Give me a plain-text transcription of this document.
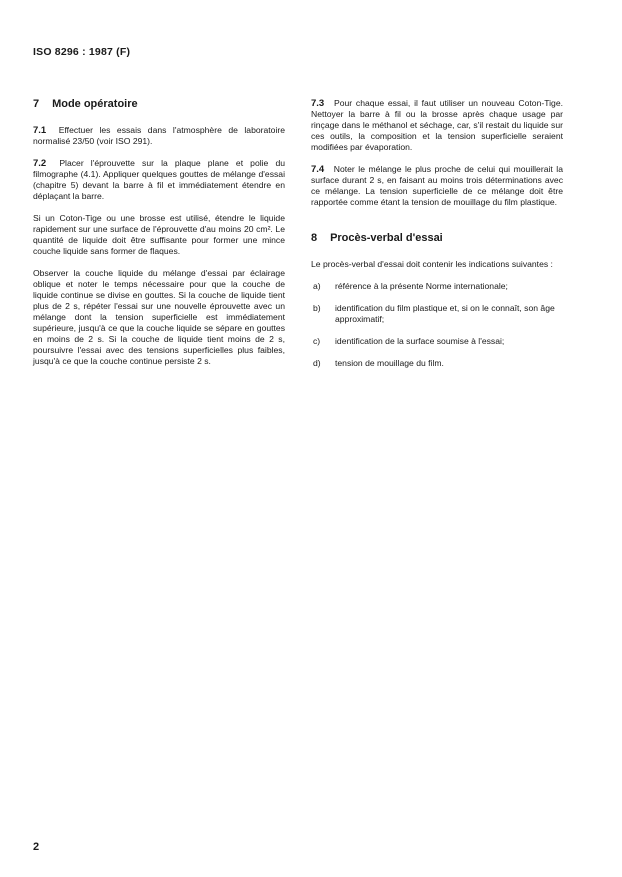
ISO 8296 : 1987 (F)
7 Mode opératoire
7.1 Effectuer les essais dans l'atmosphère de laboratoire normalisé 23/50 (voir ISO 291).
7.2 Placer l'éprouvette sur la plaque plane et polie du filmographe (4.1). Appliquer quelques gouttes de mélange d'essai (chapitre 5) devant la barre à fil et immédiatement étendre en déplaçant la barre.
Si un Coton-Tige ou une brosse est utilisé, étendre le liquide rapidement sur une surface de l'éprouvette d'au moins 20 cm². Le quantité de liquide doit être suffisante pour former une mince couche liquide sans former de flaques.
Observer la couche liquide du mélange d'essai par éclairage oblique et noter le temps nécessaire pour que la couche de liquide continue se divise en gouttes. Si la couche de liquide tient plus de 2 s, répéter l'essai sur une nouvelle éprouvette avec un mélange dont la tension superficielle est immédiatement supérieure, jusqu'à ce que la couche liquide se sépare en gouttes en moins de 2 s. Si la couche de liquide tient moins de 2 s, poursuivre l'essai avec des tensions superficielles plus faibles, jusqu'à ce que la couche continue persiste 2 s.
7.3 Pour chaque essai, il faut utiliser un nouveau Coton-Tige. Nettoyer la barre à fil ou la brosse après chaque usage par rinçage dans le méthanol et séchage, car, s'il restait du liquide sur ces outils, la composition et la tension superficielle seraient modifiées par évaporation.
7.4 Noter le mélange le plus proche de celui qui mouillerait la surface durant 2 s, en faisant au moins trois déterminations avec ce mélange. La tension superficielle de ce mélange doit être rapportée comme étant la tension de mouillage du film plastique.
8 Procès-verbal d'essai
Le procès-verbal d'essai doit contenir les indications suivantes :
a)	référence à la présente Norme internationale;
b)	identification du film plastique et, si on le connaît, son âge approximatif;
c)	identification de la surface soumise à l'essai;
d)	tension de mouillage du film.
2
